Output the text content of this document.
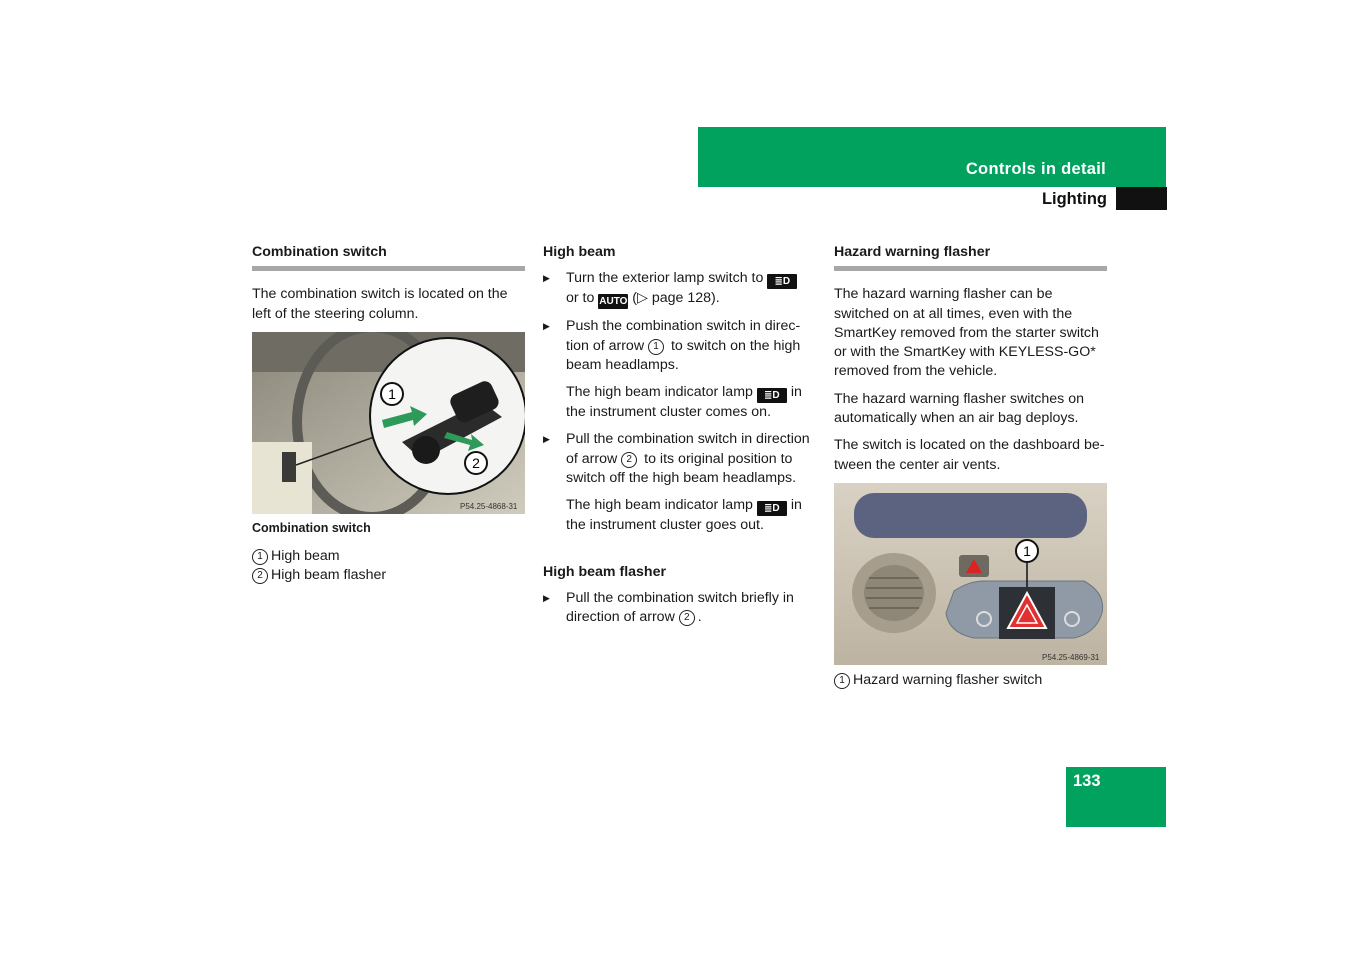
Controls in detail
Lighting
Combination switch

The combination switch is located on the left of the steering column.

1
2
P54.25-4868-31
Combination switch
1 High beam
2 High beam flasher
High beam
▶ Turn the exterior lamp switch to ≣D
or to AUTO (▷ page 128).
▶ Push the combination switch in direc-tion of arrow 1 to switch on the high beam headlamps.
The high beam indicator lamp ≣D in the instrument cluster comes on.
▶ Pull the combination switch in direction of arrow 2 to its original position to switch off the high beam headlamps.
The high beam indicator lamp ≣D in the instrument cluster goes out.
High beam flasher
▶ Pull the combination switch briefly in direction of arrow 2 .
Hazard warning flasher

The hazard warning flasher can be switched on at all times, even with the SmartKey removed from the starter switch or with the SmartKey with KEYLESS-GO* removed from the vehicle.

The hazard warning flasher switches on automatically when an air bag deploys.

The switch is located on the dashboard be-tween the center air vents.

1
P54.25-4869-31
1 Hazard warning flasher switch
133
